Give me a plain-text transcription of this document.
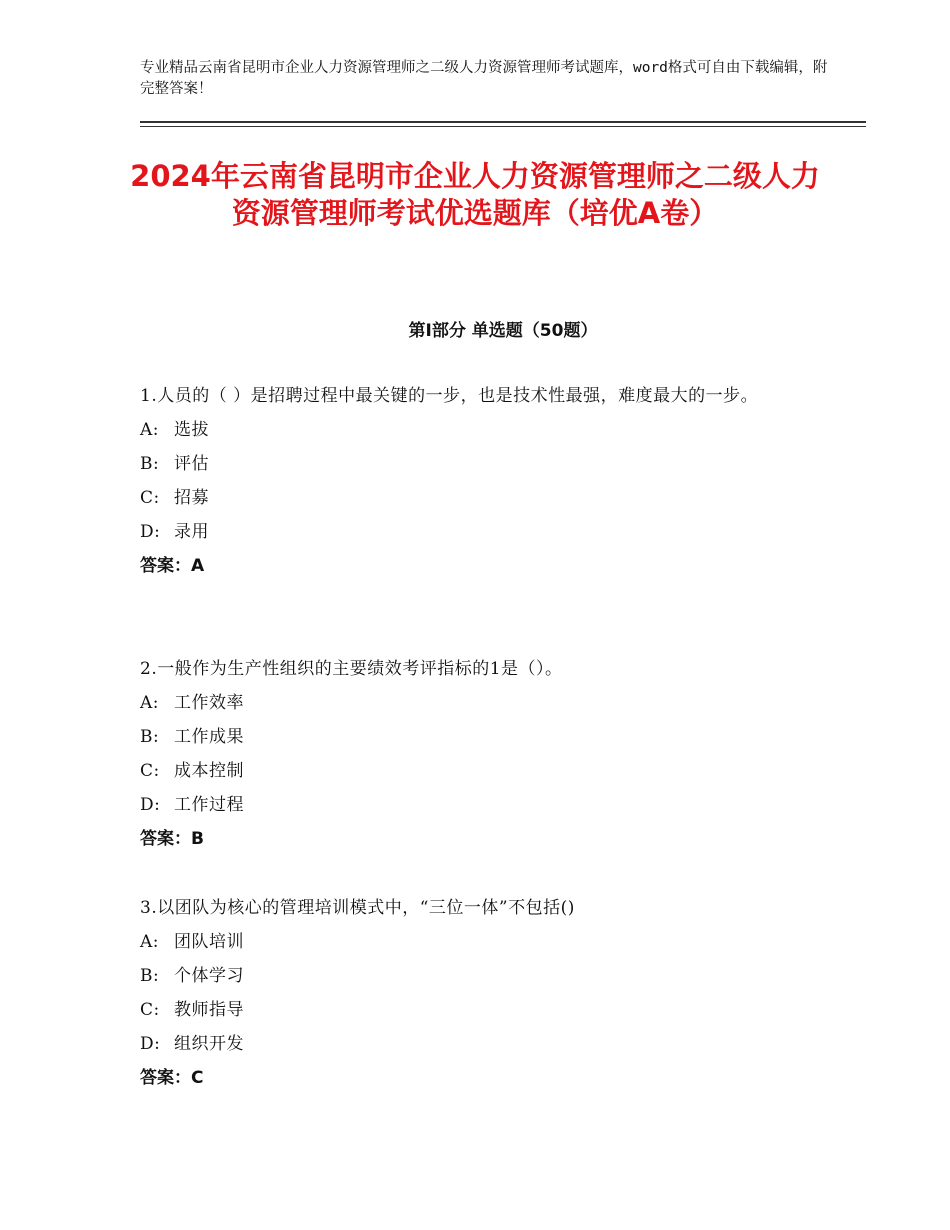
专业精品云南省昆明市企业人力资源管理师之二级人力资源管理师考试题库，word格式可自由下载编辑，附完整答案！
2024年云南省昆明市企业人力资源管理师之二级人力资源管理师考试优选题库（培优A卷）
第Ⅰ部分 单选题（50题）

1.人员的（ ）是招聘过程中最关键的一步，也是技术性最强，难度最大的一步。

A: 选拔
B: 评估
C: 招募
D: 录用
答案：A

2.一般作为生产性组织的主要绩效考评指标的1是（）。

A: 工作效率
B: 工作成果
C: 成本控制
D: 工作过程
答案：B

3.以团队为核心的管理培训模式中，“三位一体”不包括()

A: 团队培训
B: 个体学习
C: 教师指导
D: 组织开发
答案：C
